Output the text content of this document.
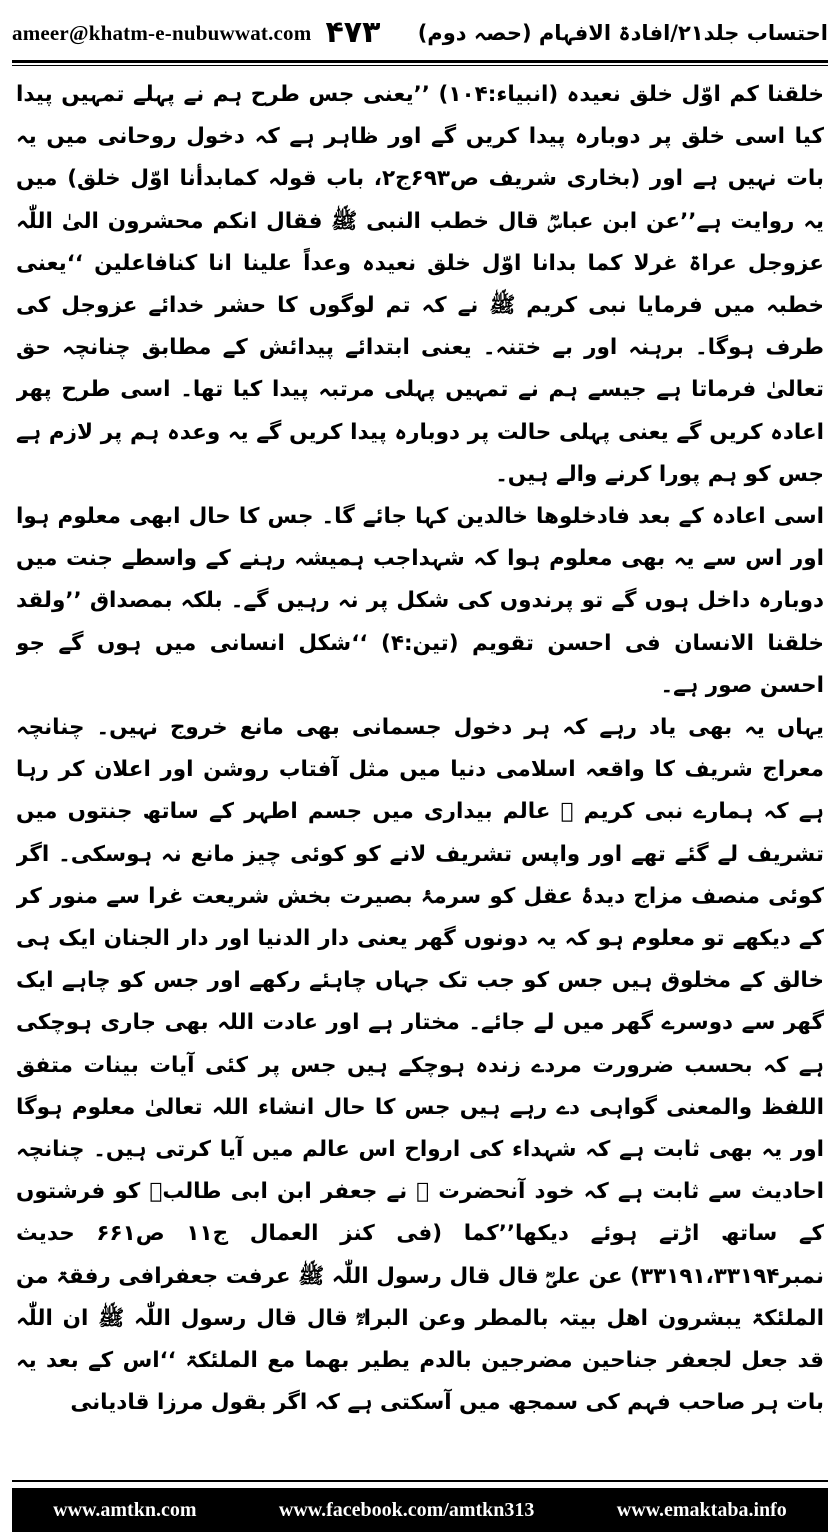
ameer@khatm-e-nubuwwat.com ۴۷۳ احتساب جلد۲۱/افادۃ الافہام (حصہ دوم)

خلقنا کم اوّل خلق نعیدہ (انبیاء:۱۰۴) ’’یعنی جس طرح ہم نے پہلے تمہیں پیدا کیا اسی خلق پر دوبارہ پیدا کریں گے اور ظاہر ہے کہ دخول روحانی میں یہ بات نہیں ہے اور (بخاری شریف ص۶۹۳ج۲، باب قولہ کمابدأنا اوّل خلق) میں یہ روایت ہے’’عن ابن عباسؓ قال خطب النبی ﷺ فقال انکم محشرون الیٰ اللّٰہ عزوجل عراۃ غرلا کما بدانا اوّل خلق نعیدہ وعداً علینا انا کنافاعلین ‘‘یعنی خطبہ میں فرمایا نبی کریم ﷺ نے کہ تم لوگوں کا حشر خدائے عزوجل کی طرف ہوگا۔ برہنہ اور بے ختنہ۔ یعنی ابتدائے پیدائش کے مطابق چنانچہ حق تعالیٰ فرماتا ہے جیسے ہم نے تمہیں پہلی مرتبہ پیدا کیا تھا۔ اسی طرح پھر اعادہ کریں گے یعنی پہلی حالت پر دوبارہ پیدا کریں گے یہ وعدہ ہم پر لازم ہے جس کو ہم پورا کرنے والے ہیں۔

اسی اعادہ کے بعد فادخلوھا خالدین کہا جائے گا۔ جس کا حال ابھی معلوم ہوا اور اس سے یہ بھی معلوم ہوا کہ شہداجب ہمیشہ رہنے کے واسطے جنت میں دوبارہ داخل ہوں گے تو پرندوں کی شکل پر نہ رہیں گے۔ بلکہ بمصداق ’’ولقد خلقنا الانسان فی احسن تقویم (تین:۴) ‘‘شکل انسانی میں ہوں گے جو احسن صور ہے۔

یہاں یہ بھی یاد رہے کہ ہر دخول جسمانی بھی مانع خروج نہیں۔ چنانچہ معراج شریف کا واقعہ اسلامی دنیا میں مثل آفتاب روشن اور اعلان کر رہا ہے کہ ہمارے نبی کریم ﷺ عالم بیداری میں جسم اطہر کے ساتھ جنتوں میں تشریف لے گئے تھے اور واپس تشریف لانے کو کوئی چیز مانع نہ ہوسکی۔ اگر کوئی منصف مزاج دیدۂ عقل کو سرمۂ بصیرت بخش شریعت غرا سے منور کر کے دیکھے تو معلوم ہو کہ یہ دونوں گھر یعنی دار الدنیا اور دار الجنان ایک ہی خالق کے مخلوق ہیں جس کو جب تک جہاں چاہئے رکھے اور جس کو چاہے ایک گھر سے دوسرے گھر میں لے جائے۔ مختار ہے اور عادت اللہ بھی جاری ہوچکی ہے کہ بحسب ضرورت مردے زندہ ہوچکے ہیں جس پر کئی آیات بینات متفق اللفظ والمعنی گواہی دے رہے ہیں جس کا حال انشاء اللہ تعالیٰ معلوم ہوگا اور یہ بھی ثابت ہے کہ شہداء کی ارواح اس عالم میں آیا کرتی ہیں۔ چنانچہ احادیث سے ثابت ہے کہ خود آنحضرت ﷺ نے جعفر ابن ابی طالبؓ کو فرشتوں کے ساتھ اڑتے ہوئے دیکھا’’کما (فی کنز العمال ج۱۱ ص۶۶۱ حدیث نمبر۳۳۱۹۱،۳۳۱۹۴) عن علیؓ قال قال رسول اللّٰہ ﷺ عرفت جعفرافی رفقۃ من الملئکۃ یبشرون اھل بیتہ بالمطر وعن البراءؓ قال قال رسول اللّٰہ ﷺ ان اللّٰہ قد جعل لجعفر جناحین مضرجین بالدم یطیر بھما مع الملئکۃ ‘‘اس کے بعد یہ بات ہر صاحب فہم کی سمجھ میں آسکتی ہے کہ اگر بقول مرزا قادیانی

www.amtkn.com	www.facebook.com/amtkn313	www.emaktaba.info
